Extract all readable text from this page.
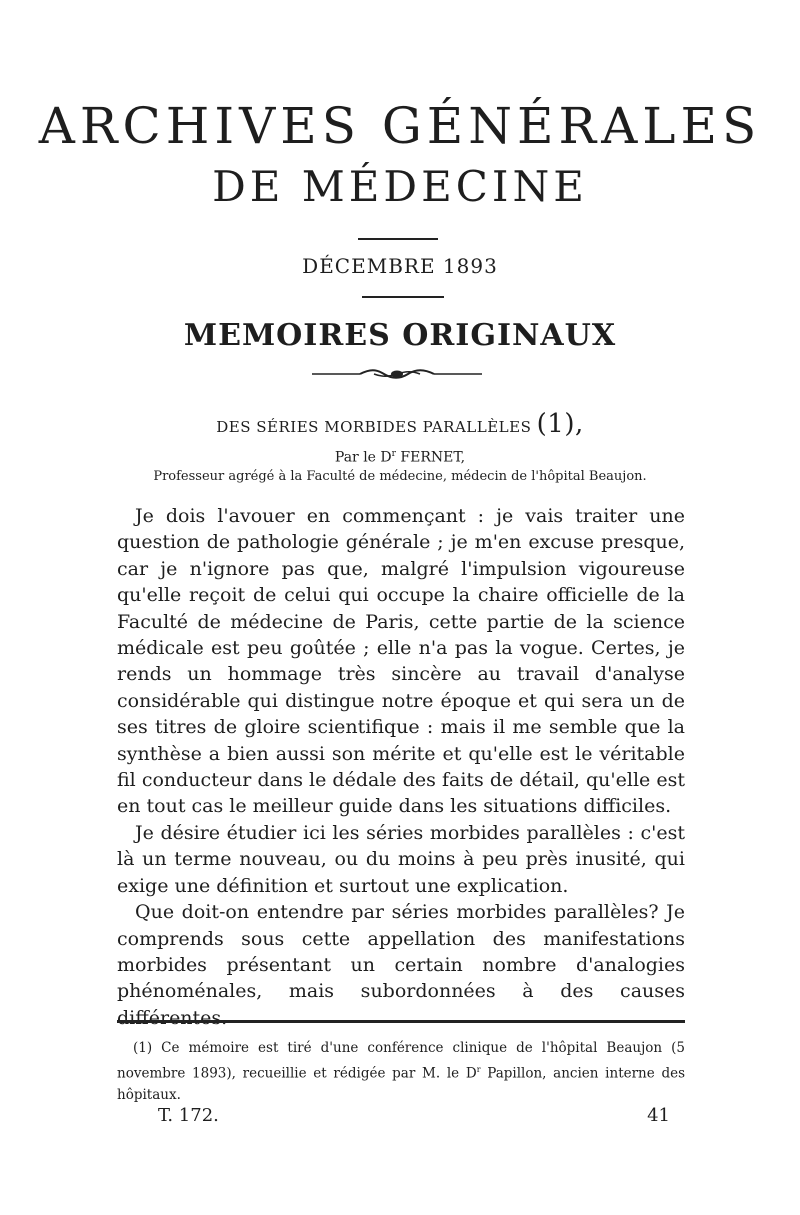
ARCHIVES GÉNÉRALES
DE MÉDECINE
DÉCEMBRE 1893
MEMOIRES ORIGINAUX
DES SÉRIES MORBIDES PARALLÈLES (1),
Par le $D^r$ FERNET,
Professeur agrégé à la Faculté de médecine, médecin de l'hôpital Beaujon.

Je dois l'avouer en commençant : je vais traiter une question de pathologie générale ; je m'en excuse presque, car je n'ignore pas que, malgré l'impulsion vigoureuse qu'elle reçoit de celui qui occupe la chaire officielle de la Faculté de médecine de Paris, cette partie de la science médicale est peu goûtée ; elle n'a pas la vogue. Certes, je rends un hommage très sincère au travail d'analyse considérable qui distingue notre époque et qui sera un de ses titres de gloire scientifique : mais il me semble que la synthèse a bien aussi son mérite et qu'elle est le véritable fil conducteur dans le dédale des faits de détail, qu'elle est en tout cas le meilleur guide dans les situations difficiles.

Je désire étudier ici les séries morbides parallèles : c'est là un terme nouveau, ou du moins à peu près inusité, qui exige une définition et surtout une explication.

Que doit-on entendre par séries morbides parallèles? Je comprends sous cette appellation des manifestations morbides présentant un certain nombre d'analogies phénoménales, mais subordonnées à des causes différentes.

(1) Ce mémoire est tiré d'une conférence clinique de l'hôpital Beaujon (5 novembre 1893), recueillie et rédigée par M. le $D^r$ Papillon, ancien interne des hôpitaux.

T. 172.	41
